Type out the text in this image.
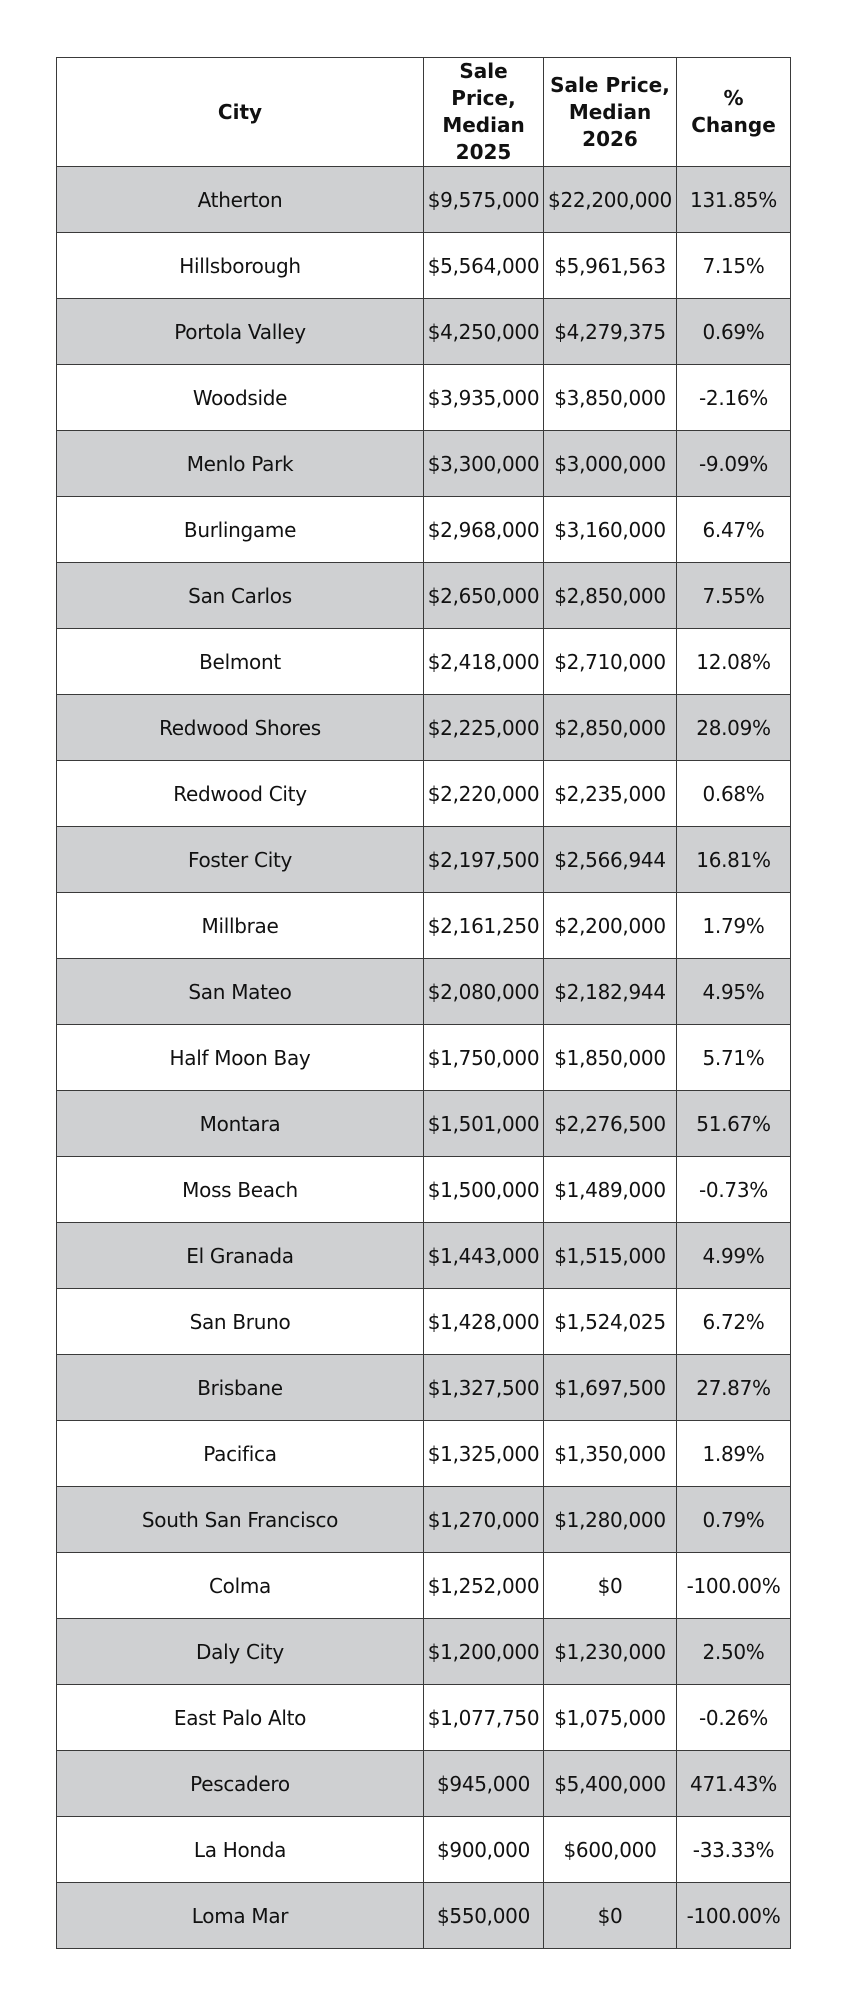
City	Sale Price, Median 2025	Sale Price, Median 2026	% Change
Atherton	$9,575,000	$22,200,000	131.85%
Hillsborough	$5,564,000	$5,961,563	7.15%
Portola Valley	$4,250,000	$4,279,375	0.69%
Woodside	$3,935,000	$3,850,000	-2.16%
Menlo Park	$3,300,000	$3,000,000	-9.09%
Burlingame	$2,968,000	$3,160,000	6.47%
San Carlos	$2,650,000	$2,850,000	7.55%
Belmont	$2,418,000	$2,710,000	12.08%
Redwood Shores	$2,225,000	$2,850,000	28.09%
Redwood City	$2,220,000	$2,235,000	0.68%
Foster City	$2,197,500	$2,566,944	16.81%
Millbrae	$2,161,250	$2,200,000	1.79%
San Mateo	$2,080,000	$2,182,944	4.95%
Half Moon Bay	$1,750,000	$1,850,000	5.71%
Montara	$1,501,000	$2,276,500	51.67%
Moss Beach	$1,500,000	$1,489,000	-0.73%
El Granada	$1,443,000	$1,515,000	4.99%
San Bruno	$1,428,000	$1,524,025	6.72%
Brisbane	$1,327,500	$1,697,500	27.87%
Pacifica	$1,325,000	$1,350,000	1.89%
South San Francisco	$1,270,000	$1,280,000	0.79%
Colma	$1,252,000	$0	-100.00%
Daly City	$1,200,000	$1,230,000	2.50%
East Palo Alto	$1,077,750	$1,075,000	-0.26%
Pescadero	$945,000	$5,400,000	471.43%
La Honda	$900,000	$600,000	-33.33%
Loma Mar	$550,000	$0	-100.00%
